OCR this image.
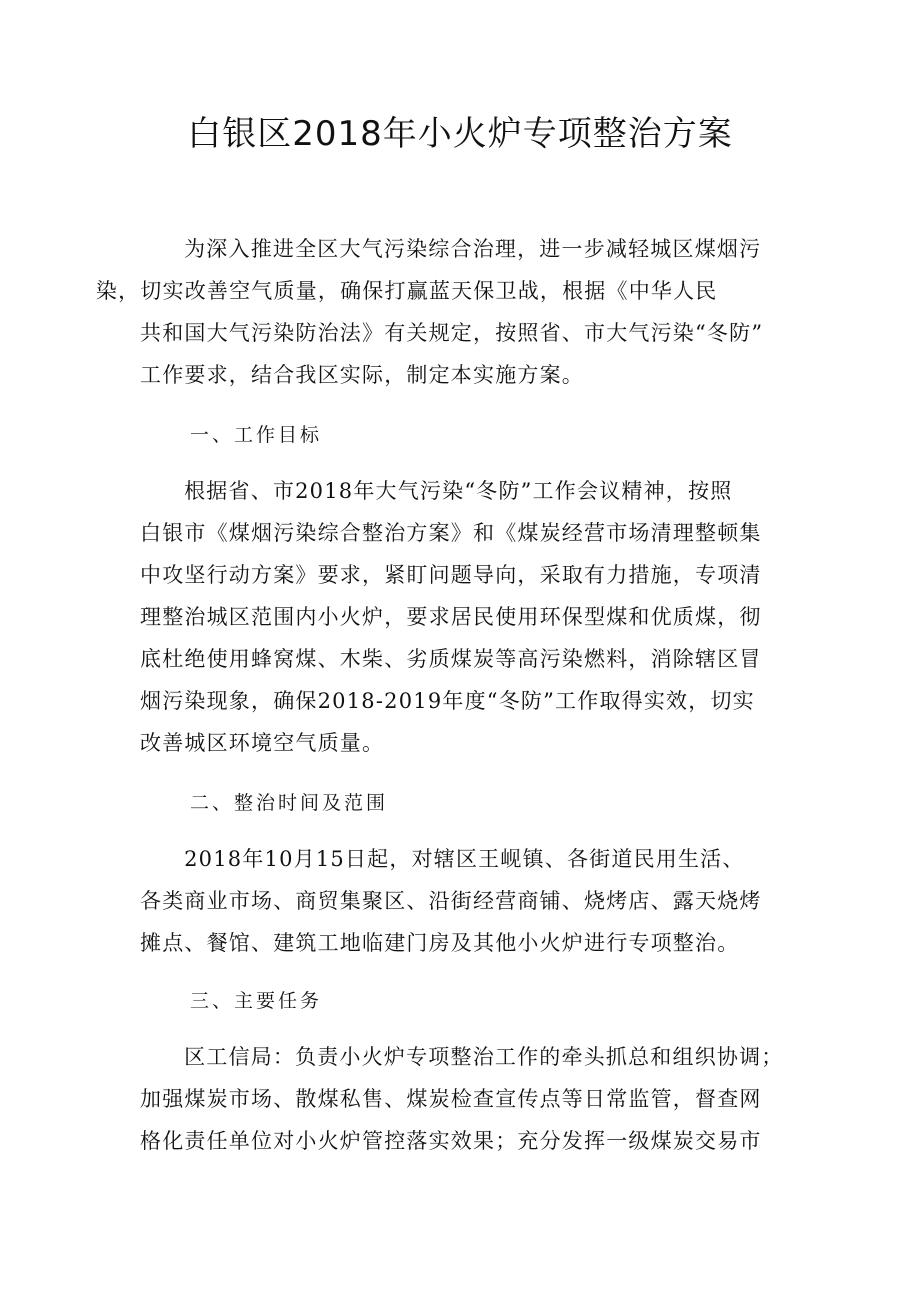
白银区2018年小火炉专项整治方案

为深入推进全区大气污染综合治理，进一步减轻城区煤烟污
染，切实改善空气质量，确保打赢蓝天保卫战，根据《中华人民
共和国大气污染防治法》有关规定，按照省、市大气污染“冬防”
工作要求，结合我区实际，制定本实施方案。

一、工作目标

根据省、市2018年大气污染“冬防”工作会议精神，按照
白银市《煤烟污染综合整治方案》和《煤炭经营市场清理整顿集
中攻坚行动方案》要求，紧盯问题导向，采取有力措施，专项清
理整治城区范围内小火炉，要求居民使用环保型煤和优质煤，彻
底杜绝使用蜂窝煤、木柴、劣质煤炭等高污染燃料，消除辖区冒
烟污染现象，确保2018-2019年度“冬防”工作取得实效，切实
改善城区环境空气质量。

二、整治时间及范围

2018年10月15日起，对辖区王岘镇、各街道民用生活、
各类商业市场、商贸集聚区、沿街经营商铺、烧烤店、露天烧烤
摊点、餐馆、建筑工地临建门房及其他小火炉进行专项整治。

三、主要任务

区工信局：负责小火炉专项整治工作的牵头抓总和组织协调；
加强煤炭市场、散煤私售、煤炭检查宣传点等日常监管，督查网
格化责任单位对小火炉管控落实效果；充分发挥一级煤炭交易市
